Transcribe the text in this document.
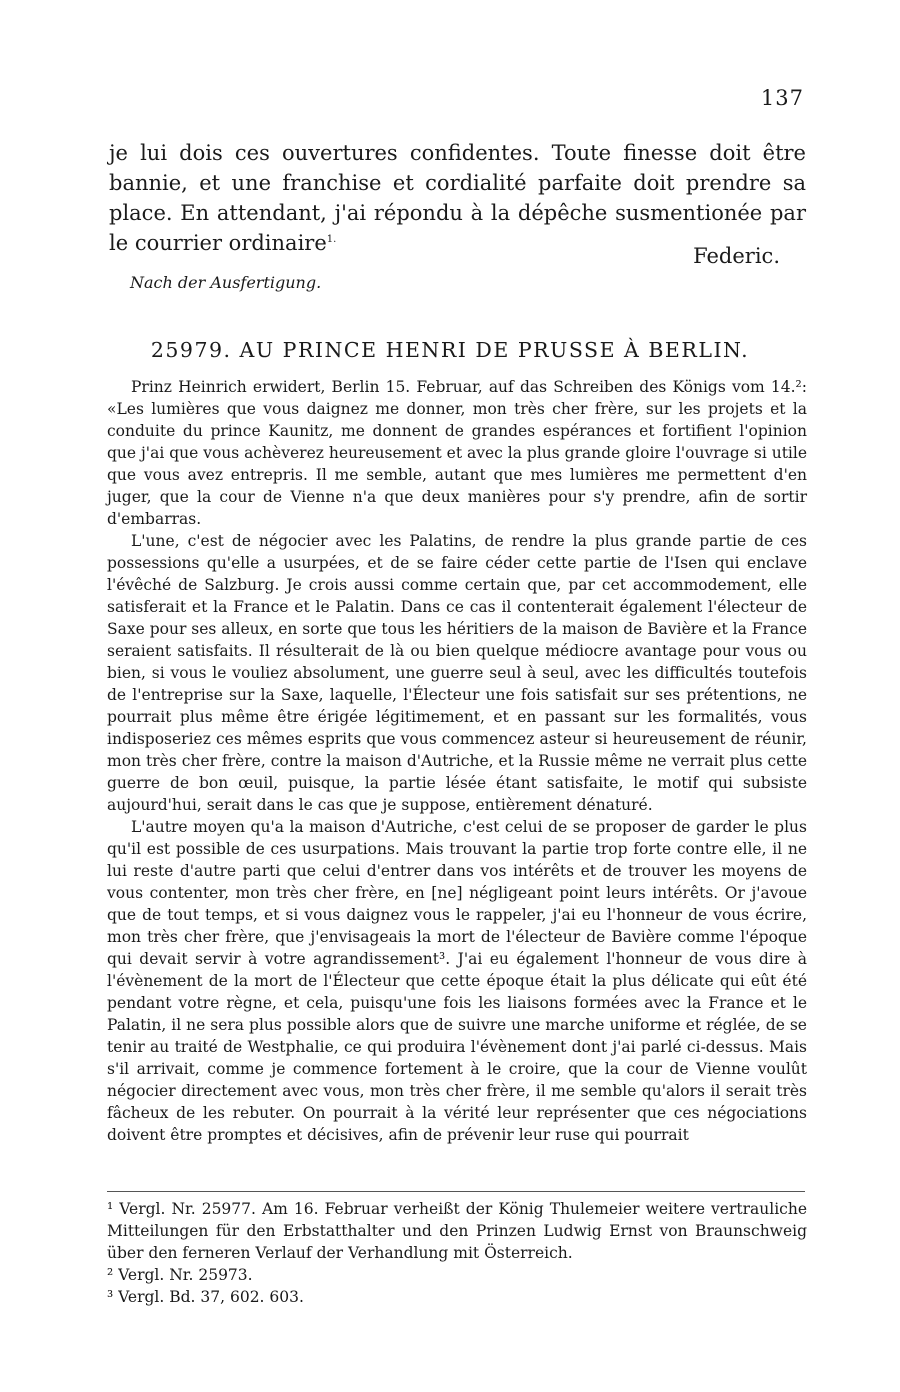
137

je lui dois ces ouvertures confidentes. Toute finesse doit être bannie, et une franchise et cordialité parfaite doit prendre sa place. En attendant, j'ai répondu à la dépêche susmentionée par le courrier ordinaire$^{1.}$

Federic.
Nach der Ausfertigung.
25979. AU PRINCE HENRI DE PRUSSE À BERLIN.

Prinz Heinrich erwidert, Berlin 15. Februar, auf das Schreiben des Königs vom 14.²: «Les lumières que vous daignez me donner, mon très cher frère, sur les projets et la conduite du prince Kaunitz, me donnent de grandes espérances et fortifient l'opinion que j'ai que vous achèverez heureusement et avec la plus grande gloire l'ouvrage si utile que vous avez entrepris. Il me semble, autant que mes lumières me permettent d'en juger, que la cour de Vienne n'a que deux manières pour s'y prendre, afin de sortir d'embarras.

L'une, c'est de négocier avec les Palatins, de rendre la plus grande partie de ces possessions qu'elle a usurpées, et de se faire céder cette partie de l'Isen qui enclave l'évêché de Salzburg. Je crois aussi comme certain que, par cet accommodement, elle satisferait et la France et le Palatin. Dans ce cas il contenterait également l'électeur de Saxe pour ses alleux, en sorte que tous les héritiers de la maison de Bavière et la France seraient satisfaits. Il résulterait de là ou bien quelque médiocre avantage pour vous ou bien, si vous le vouliez absolument, une guerre seul à seul, avec les difficultés toutefois de l'entreprise sur la Saxe, laquelle, l'Électeur une fois satisfait sur ses prétentions, ne pourrait plus même être érigée légitimement, et en passant sur les formalités, vous indisposeriez ces mêmes esprits que vous commencez asteur si heureusement de réunir, mon très cher frère, contre la maison d'Autriche, et la Russie même ne verrait plus cette guerre de bon œuil, puisque, la partie lésée étant satisfaite, le motif qui subsiste aujourd'hui, serait dans le cas que je suppose, entièrement dénaturé.

L'autre moyen qu'a la maison d'Autriche, c'est celui de se proposer de garder le plus qu'il est possible de ces usurpations. Mais trouvant la partie trop forte contre elle, il ne lui reste d'autre parti que celui d'entrer dans vos intérêts et de trouver les moyens de vous contenter, mon très cher frère, en [ne] négligeant point leurs intérêts. Or j'avoue que de tout temps, et si vous daignez vous le rappeler, j'ai eu l'honneur de vous écrire, mon très cher frère, que j'envisageais la mort de l'électeur de Bavière comme l'époque qui devait servir à votre agrandissement³. J'ai eu également l'honneur de vous dire à l'évènement de la mort de l'Électeur que cette époque était la plus délicate qui eût été pendant votre règne, et cela, puisqu'une fois les liaisons formées avec la France et le Palatin, il ne sera plus possible alors que de suivre une marche uniforme et réglée, de se tenir au traité de Westphalie, ce qui produira l'évènement dont j'ai parlé ci-dessus. Mais s'il arrivait, comme je commence fortement à le croire, que la cour de Vienne voulût négocier directement avec vous, mon très cher frère, il me semble qu'alors il serait très fâcheux de les rebuter. On pourrait à la vérité leur représenter que ces négociations doivent être promptes et décisives, afin de prévenir leur ruse qui pourrait

¹ Vergl. Nr. 25977. Am 16. Februar verheißt der König Thulemeier weitere vertrauliche Mitteilungen für den Erbstatthalter und den Prinzen Ludwig Ernst von Braunschweig über den ferneren Verlauf der Verhandlung mit Österreich.

² Vergl. Nr. 25973.

³ Vergl. Bd. 37, 602. 603.
